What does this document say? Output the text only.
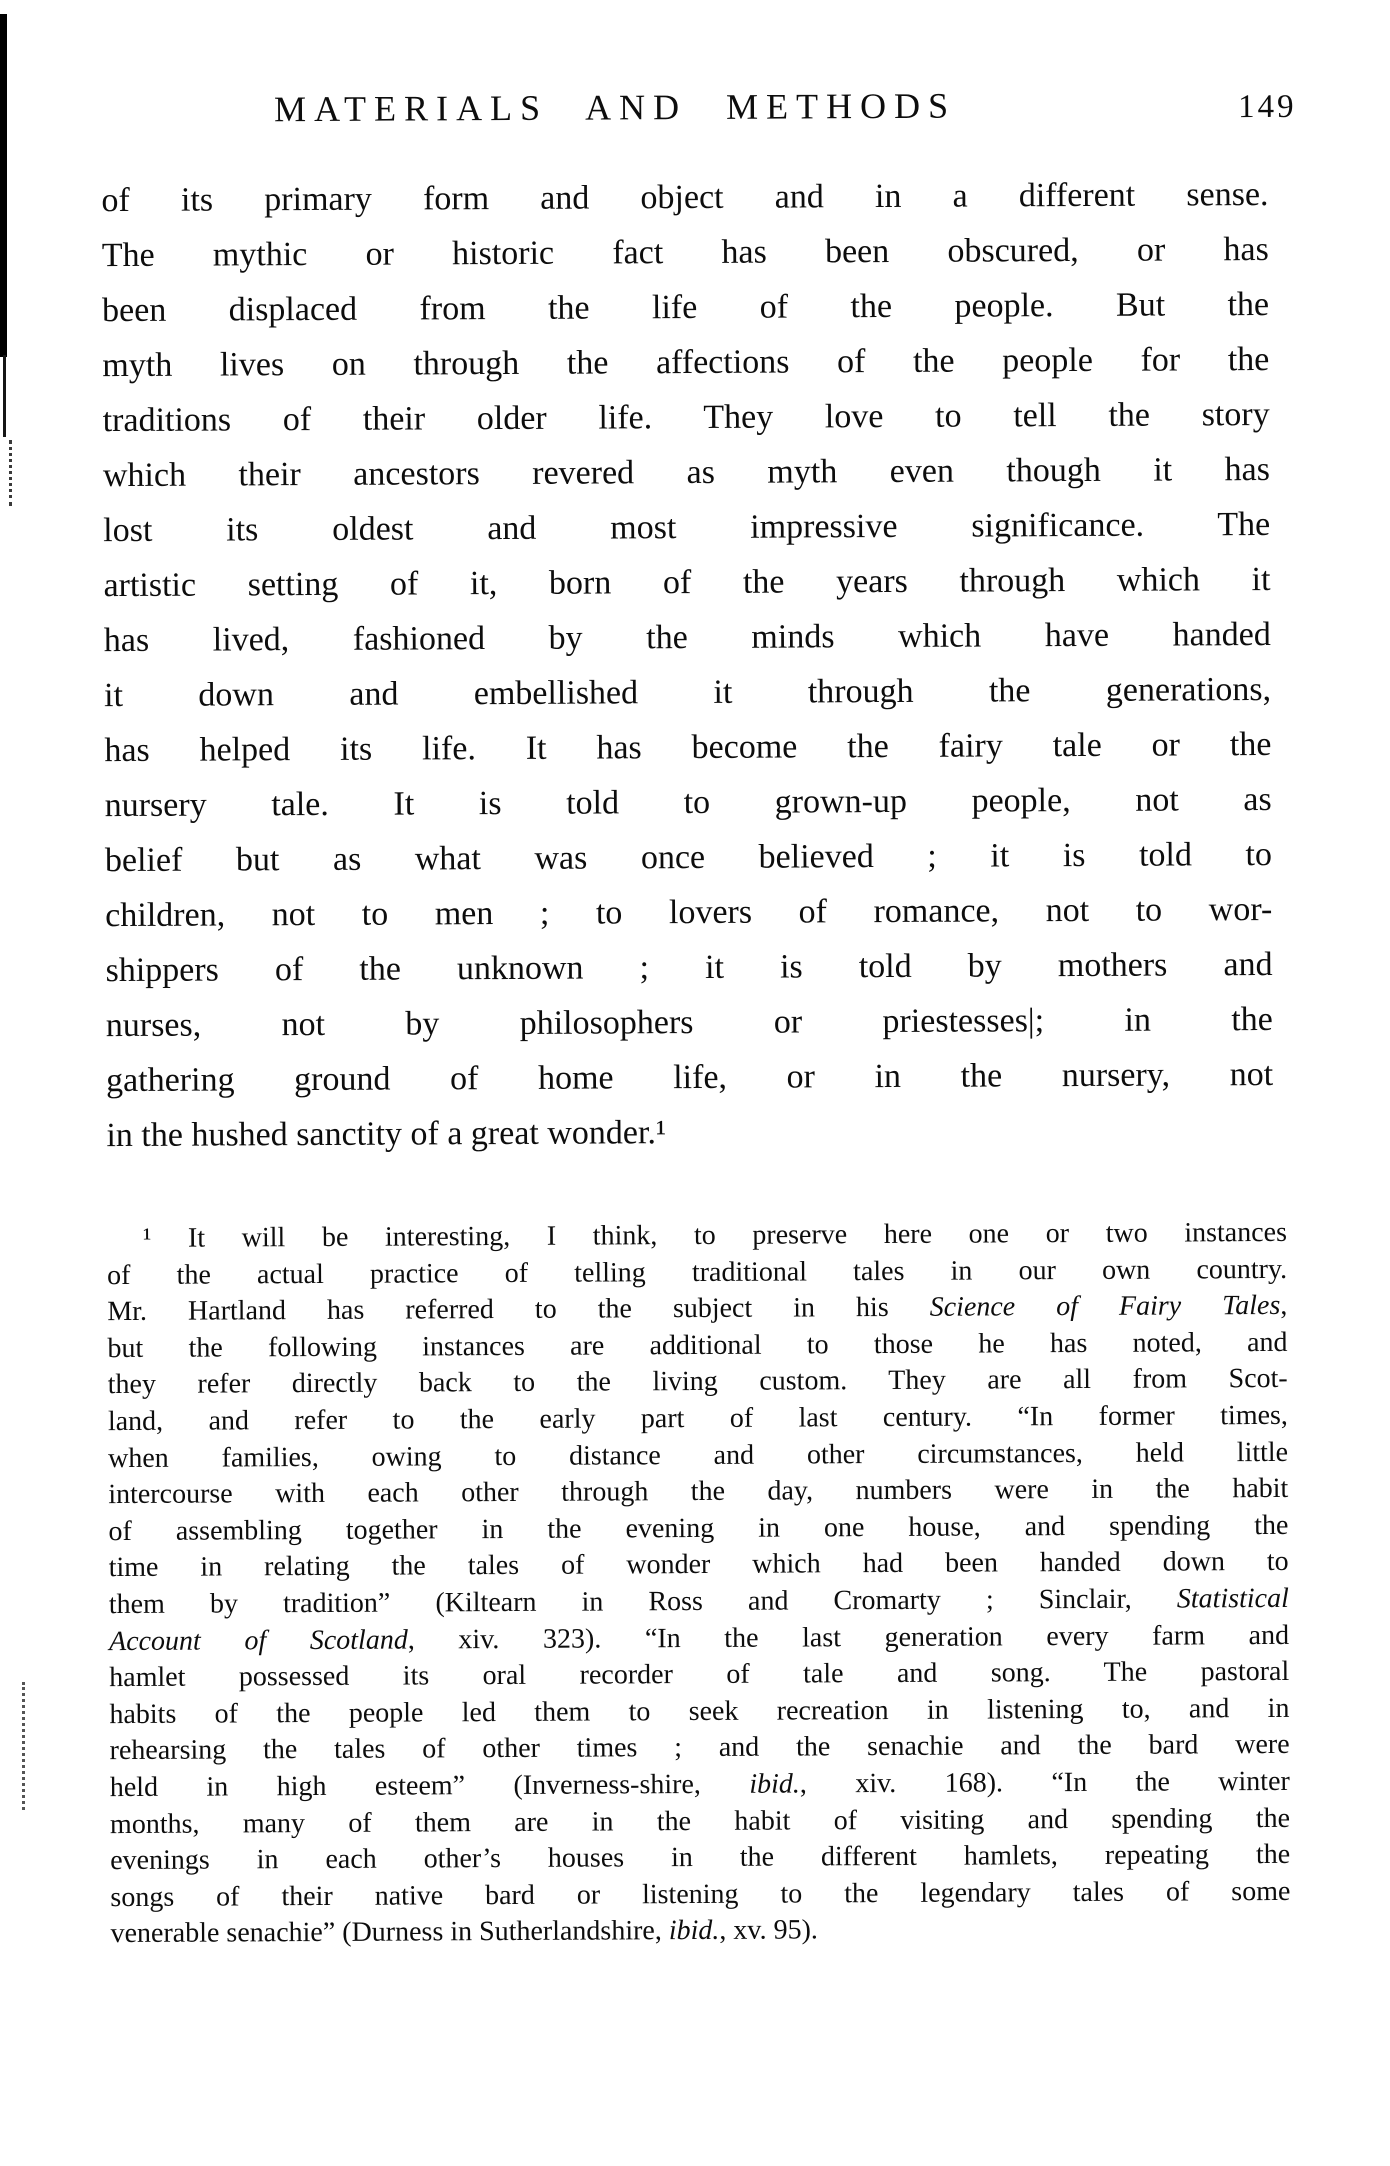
MATERIALS AND METHODS	149
of its primary form and object and in a different sense.
The mythic or historic fact has been obscured, or has
been displaced from the life of the people. But the
myth lives on through the affections of the people for the
traditions of their older life. They love to tell the story
which their ancestors revered as myth even though it has
lost its oldest and most impressive significance. The
artistic setting of it, born of the years through which it
has lived, fashioned by the minds which have handed
it down and embellished it through the generations,
has helped its life. It has become the fairy tale or the
nursery tale. It is told to grown-up people, not as
belief but as what was once believed ; it is told to
children, not to men ; to lovers of romance, not to wor-
shippers of the unknown ; it is told by mothers and
nurses, not by philosophers or priestesses|; in the
gathering ground of home life, or in the nursery, not
in the hushed sanctity of a great wonder.¹
¹ It will be interesting, I think, to preserve here one or two instances
of the actual practice of telling traditional tales in our own country.
Mr. Hartland has referred to the subject in his Science of Fairy Tales,
but the following instances are additional to those he has noted, and
they refer directly back to the living custom. They are all from Scot-
land, and refer to the early part of last century. “In former times,
when families, owing to distance and other circumstances, held little
intercourse with each other through the day, numbers were in the habit
of assembling together in the evening in one house, and spending the
time in relating the tales of wonder which had been handed down to
them by tradition” (Kiltearn in Ross and Cromarty ; Sinclair, Statistical
Account of Scotland, xiv. 323). “In the last generation every farm and
hamlet possessed its oral recorder of tale and song. The pastoral
habits of the people led them to seek recreation in listening to, and in
rehearsing the tales of other times ; and the senachie and the bard were
held in high esteem” (Inverness-shire, ibid., xiv. 168). “In the winter
months, many of them are in the habit of visiting and spending the
evenings in each other’s houses in the different hamlets, repeating the
songs of their native bard or listening to the legendary tales of some
venerable senachie” (Durness in Sutherlandshire, ibid., xv. 95).
